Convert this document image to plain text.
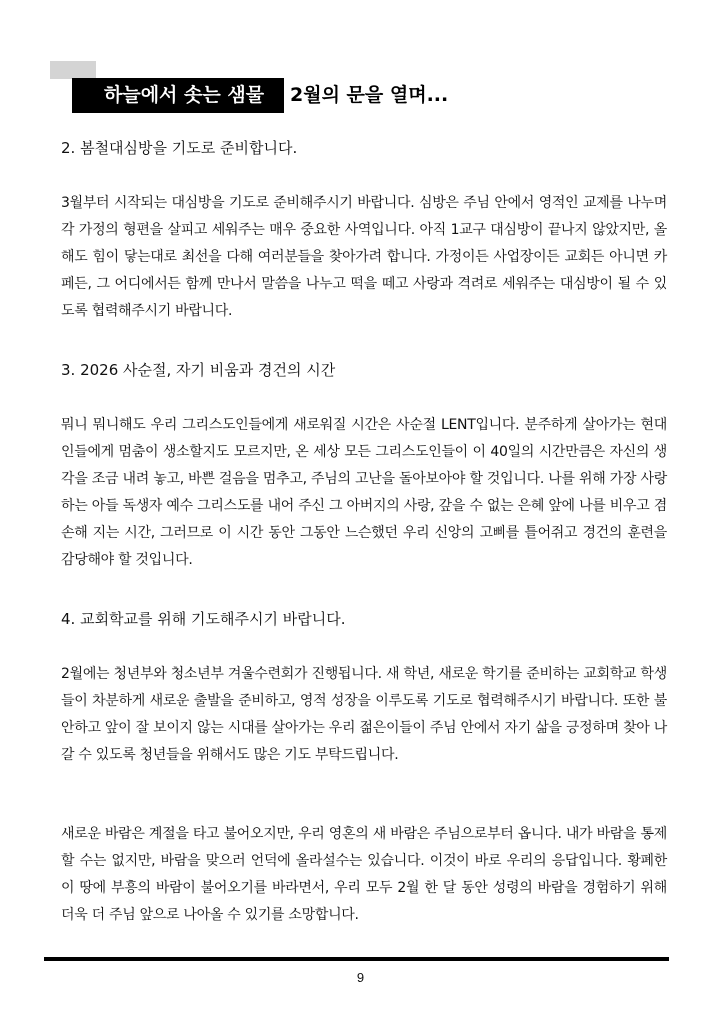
하늘에서 솟는 샘물 2월의 문을 열며...
2. 봄철대심방을 기도로 준비합니다.

3월부터 시작되는 대심방을 기도로 준비해주시기 바랍니다. 심방은 주님 안에서 영적인 교제를 나누며 각 가정의 형편을 살피고 세워주는 매우 중요한 사역입니다. 아직 1교구 대심방이 끝나지 않았지만, 올 해도 힘이 닿는대로 최선을 다해 여러분들을 찾아가려 합니다. 가정이든 사업장이든 교회든 아니면 카페든, 그 어디에서든 함께 만나서 말씀을 나누고 떡을 떼고 사랑과 격려로 세워주는 대심방이 될 수 있도록 협력해주시기 바랍니다.

3. 2026 사순절, 자기 비움과 경건의 시간

뭐니 뭐니해도 우리 그리스도인들에게 새로워질 시간은 사순절 LENT입니다. 분주하게 살아가는 현대인들에게 멈춤이 생소할지도 모르지만, 온 세상 모든 그리스도인들이 이 40일의 시간만큼은 자신의 생각을 조금 내려 놓고, 바쁜 걸음을 멈추고, 주님의 고난을 돌아보아야 할 것입니다. 나를 위해 가장 사랑하는 아들 독생자 예수 그리스도를 내어 주신 그 아버지의 사랑, 갚을 수 없는 은혜 앞에 나를 비우고 겸손해 지는 시간, 그러므로 이 시간 동안 그동안 느슨했던 우리 신앙의 고삐를 틀어쥐고 경건의 훈련을 감당해야 할 것입니다.

4. 교회학교를 위해 기도해주시기 바랍니다.

2월에는 청년부와 청소년부 겨울수련회가 진행됩니다. 새 학년, 새로운 학기를 준비하는 교회학교 학생들이 차분하게 새로운 출발을 준비하고, 영적 성장을 이루도록 기도로 협력해주시기 바랍니다. 또한 불안하고 앞이 잘 보이지 않는 시대를 살아가는 우리 젊은이들이 주님 안에서 자기 삶을 긍정하며 찾아 나갈 수 있도록 청년들을 위해서도 많은 기도 부탁드립니다.

새로운 바람은 계절을 타고 불어오지만, 우리 영혼의 새 바람은 주님으로부터 옵니다. 내가 바람을 통제할 수는 없지만, 바람을 맞으러 언덕에 올라설수는 있습니다. 이것이 바로 우리의 응답입니다. 황폐한 이 땅에 부흥의 바람이 불어오기를 바라면서, 우리 모두 2월 한 달 동안 성령의 바람을 경험하기 위해 더욱 더 주님 앞으로 나아올 수 있기를 소망합니다.

9
